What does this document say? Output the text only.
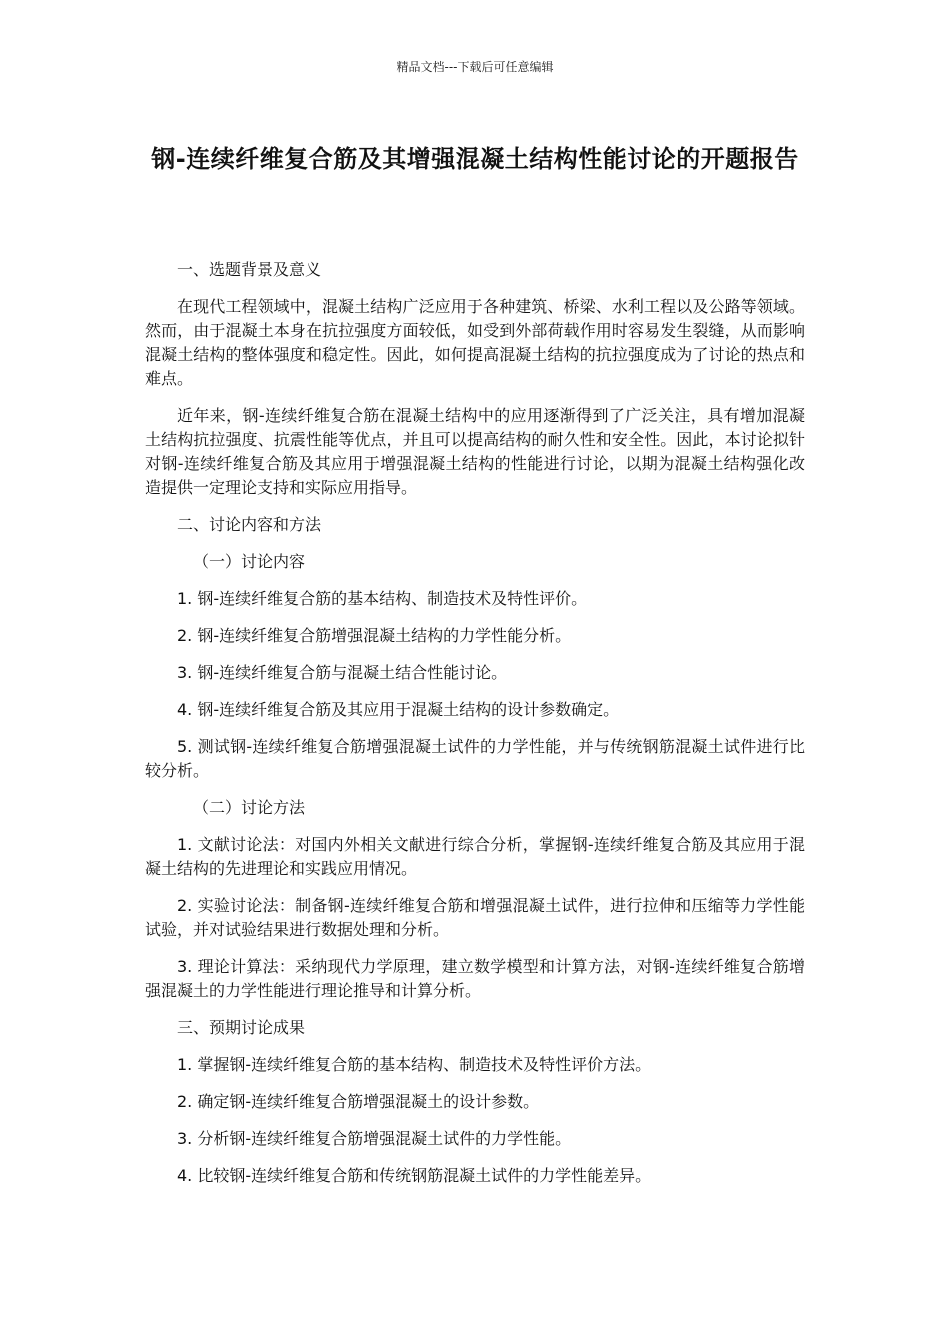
精品文档---下载后可任意编辑
钢-连续纤维复合筋及其增强混凝土结构性能讨论的开题报告

一、选题背景及意义

在现代工程领域中，混凝土结构广泛应用于各种建筑、桥梁、水利工程以及公路等领域。然而，由于混凝土本身在抗拉强度方面较低，如受到外部荷载作用时容易发生裂缝，从而影响混凝土结构的整体强度和稳定性。因此，如何提高混凝土结构的抗拉强度成为了讨论的热点和难点。

近年来，钢-连续纤维复合筋在混凝土结构中的应用逐渐得到了广泛关注，具有增加混凝土结构抗拉强度、抗震性能等优点，并且可以提高结构的耐久性和安全性。因此，本讨论拟针对钢-连续纤维复合筋及其应用于增强混凝土结构的性能进行讨论，以期为混凝土结构强化改造提供一定理论支持和实际应用指导。

二、讨论内容和方法

（一）讨论内容

1. 钢-连续纤维复合筋的基本结构、制造技术及特性评价。

2. 钢-连续纤维复合筋增强混凝土结构的力学性能分析。

3. 钢-连续纤维复合筋与混凝土结合性能讨论。

4. 钢-连续纤维复合筋及其应用于混凝土结构的设计参数确定。

5. 测试钢-连续纤维复合筋增强混凝土试件的力学性能，并与传统钢筋混凝土试件进行比较分析。

（二）讨论方法

1. 文献讨论法：对国内外相关文献进行综合分析，掌握钢-连续纤维复合筋及其应用于混凝土结构的先进理论和实践应用情况。

2. 实验讨论法：制备钢-连续纤维复合筋和增强混凝土试件，进行拉伸和压缩等力学性能试验，并对试验结果进行数据处理和分析。

3. 理论计算法：采纳现代力学原理，建立数学模型和计算方法，对钢-连续纤维复合筋增强混凝土的力学性能进行理论推导和计算分析。

三、预期讨论成果

1. 掌握钢-连续纤维复合筋的基本结构、制造技术及特性评价方法。

2. 确定钢-连续纤维复合筋增强混凝土的设计参数。

3. 分析钢-连续纤维复合筋增强混凝土试件的力学性能。

4. 比较钢-连续纤维复合筋和传统钢筋混凝土试件的力学性能差异。
